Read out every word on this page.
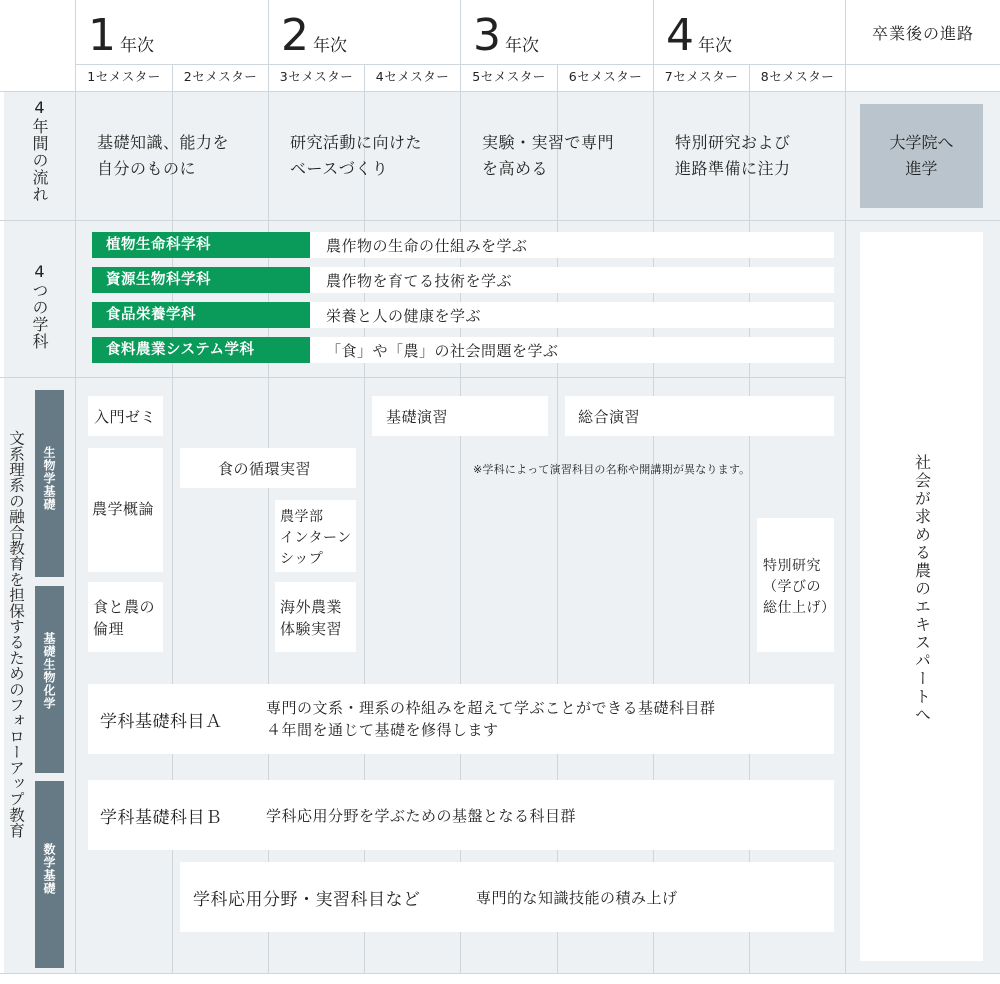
1 年次	2 年次	3 年次	4 年次
卒業後の進路
1セメスター	2セメスター	3セメスター	4セメスター	5セメスター	6セメスター	7セメスター	8セメスター
4年間の流れ
4つの学科
文系理系の融合教育を担保するためのフォローアップ教育
基礎知識、能力を
自分のものに
研究活動に向けた
ベースづくり
実験・実習で専門
を高める
特別研究および
進路準備に注力
大学院へ
進学
植物生命科学科	農作物の生命の仕組みを学ぶ
資源生物科学科	農作物を育てる技術を学ぶ
食品栄養学科	栄養と人の健康を学ぶ
食料農業システム学科	「食」や「農」の社会問題を学ぶ
社会が求める農のエキスパートへ
生物学基礎
基礎生物化学
数学基礎
入門ゼミ	基礎演習	総合演習
食の循環実習	※学科によって演習科目の名称や開講期が異なります。
農学概論	農学部
インターン
シップ
食と農の
倫理
海外農業
体験実習
特別研究
（学びの
総仕上げ）
学科基礎科目Ａ
専門の文系・理系の枠組みを超えて学ぶことができる基礎科目群
４年間を通じて基礎を修得します
学科基礎科目Ｂ	学科応用分野を学ぶための基盤となる科目群
学科応用分野・実習科目など	専門的な知識技能の積み上げ
